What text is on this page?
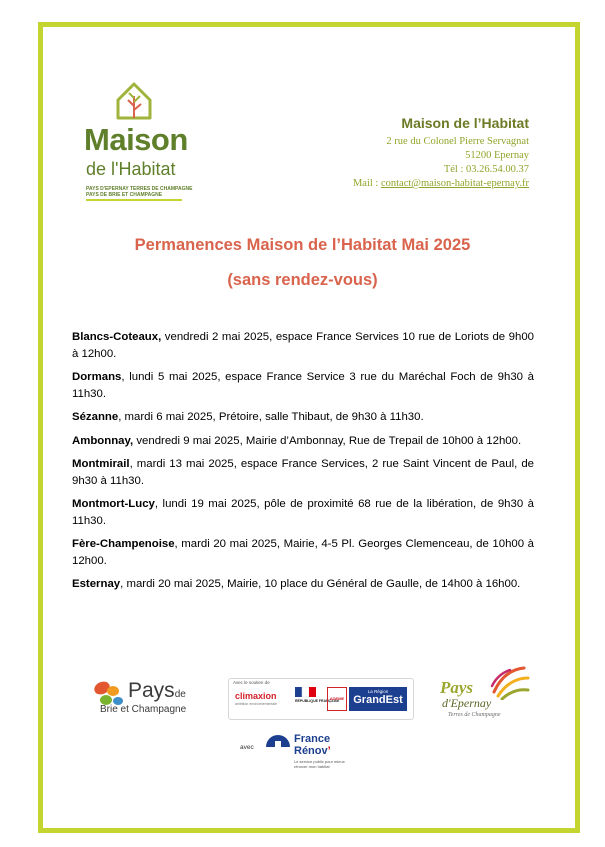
Maison
de l'Habitat
PAYS D'EPERNAY TERRES DE CHAMPAGNE
PAYS DE BRIE ET CHAMPAGNE
Maison de l’Habitat
2 rue du Colonel Pierre Servagnat
51200 Epernay
Tél : 03.26.54.00.37
Mail : contact@maison-habitat-epernay.fr
Permanences Maison de l’Habitat Mai 2025
(sans rendez-vous)

Blancs-Coteaux, vendredi 2 mai 2025, espace France Services 10 rue de Loriots de 9h00 à 12h00.

Dormans, lundi 5 mai 2025, espace France Service 3 rue du Maréchal Foch de 9h30 à 11h30.

Sézanne, mardi 6 mai 2025, Prétoire, salle Thibaut, de 9h30 à 11h30.

Ambonnay, vendredi 9 mai 2025, Mairie d’Ambonnay, Rue de Trepail de 10h00 à 12h00.

Montmirail, mardi 13 mai 2025, espace France Services, 2 rue Saint Vincent de Paul, de 9h30 à 11h30.

Montmort-Lucy, lundi 19 mai 2025, pôle de proximité 68 rue de la libération, de 9h30 à 11h30.

Fère-Champenoise, mardi 20 mai 2025, Mairie, 4-5 Pl. Georges Clemenceau, de 10h00 à 12h00.

Esternay, mardi 20 mai 2025, Mairie, 10 place du Général de Gaulle, de 14h00 à 16h00.

Paysde
Brie et Champagne
Avec le soutien de
climaxion
ambition environnementale
RÉPUBLIQUE FRANÇAISE
ADEME
La Région
GrandEst
Pays
d'Epernay
Terres de Champagne
avec
France
Rénov’
Le service public pour mieux rénover mon habitat
